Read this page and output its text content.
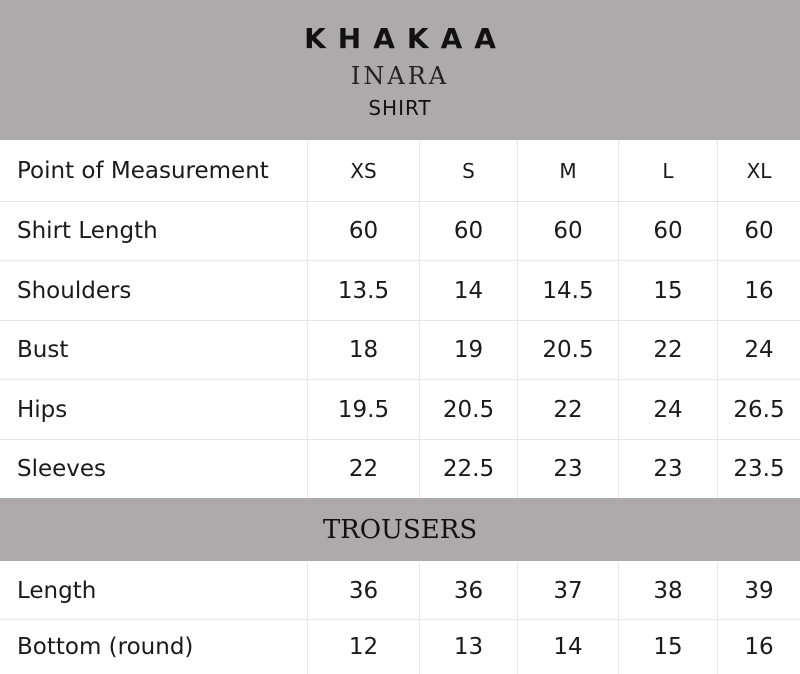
KHAKAA
INARA
SHIRT
Point of Measurement	XS	S	M	L	XL
Shirt Length	60	60	60	60	60
Shoulders	13.5	14	14.5	15	16
Bust	18	19	20.5	22	24
Hips	19.5	20.5	22	24	26.5
Sleeves	22	22.5	23	23	23.5
TROUSERS
Length	36	36	37	38	39
Bottom (round)	12	13	14	15	16
